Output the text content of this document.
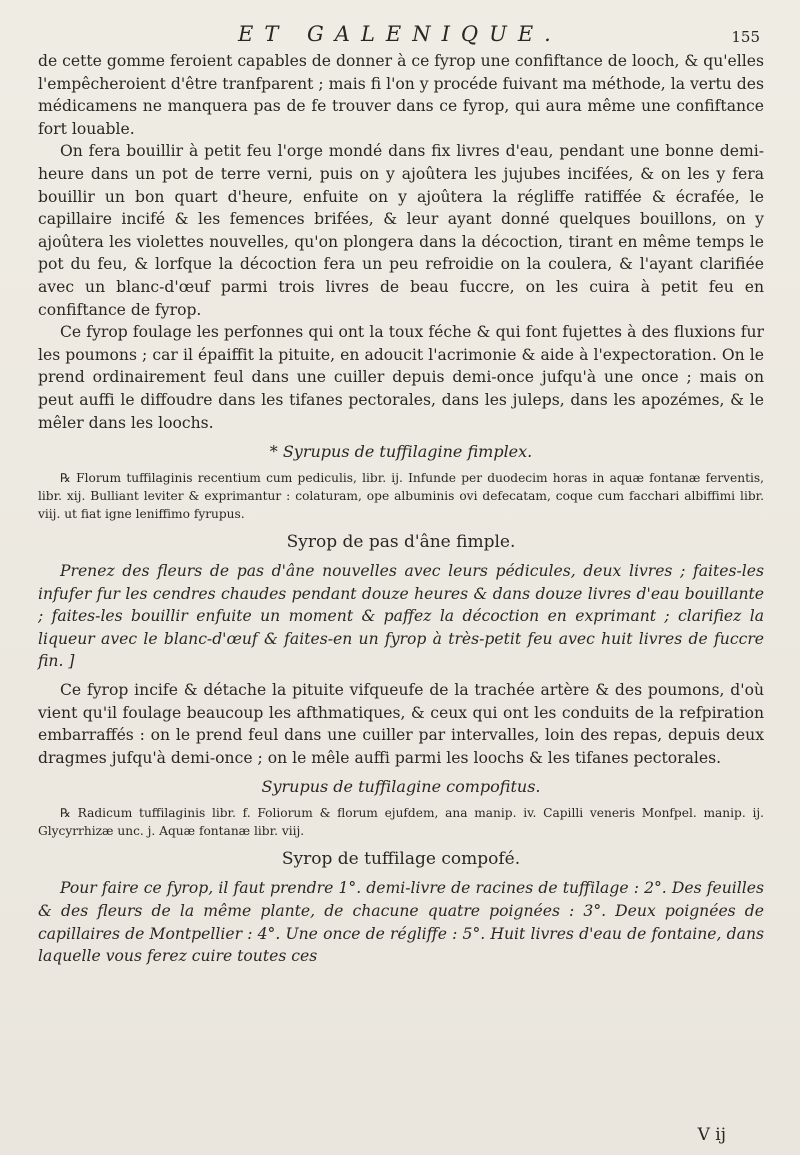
ET GALENIQUE.	155

de cette gomme feroient capables de donner à ce fyrop une confiftance de looch, & qu'elles l'empêcheroient d'être tranfparent ; mais fi l'on y procéde fuivant ma méthode, la vertu des médicamens ne manquera pas de fe trouver dans ce fyrop, qui aura même une confiftance fort louable.

On fera bouillir à petit feu l'orge mondé dans fix livres d'eau, pendant une bonne demi-heure dans un pot de terre verni, puis on y ajoûtera les jujubes incifées, & on les y fera bouillir un bon quart d'heure, enfuite on y ajoûtera la régliffe ratiffée & écrafée, le capillaire incifé & les femences brifées, & leur ayant donné quelques bouillons, on y ajoûtera les violettes nouvelles, qu'on plongera dans la décoction, tirant en même temps le pot du feu, & lorfque la décoction fera un peu refroidie on la coulera, & l'ayant clarifiée avec un blanc-d'œuf parmi trois livres de beau fuccre, on les cuira à petit feu en confiftance de fyrop.

Ce fyrop foulage les perfonnes qui ont la toux féche & qui font fujettes à des fluxions fur les poumons ; car il épaiffit la pituite, en adoucit l'acrimonie & aide à l'expectoration. On le prend ordinairement feul dans une cuiller depuis demi-once jufqu'à une once ; mais on peut auffi le diffoudre dans les tifanes pectorales, dans les juleps, dans les apozémes, & le mêler dans les loochs.

* Syrupus de tuffilagine fimplex.

℞ Florum tuffilaginis recentium cum pediculis, libr. ij. Infunde per duodecim horas in aquæ fontanæ ferventis, libr. xij. Bulliant leviter & exprimantur : colaturam, ope albuminis ovi defecatam, coque cum facchari albiffimi libr. viij. ut fiat igne leniffimo fyrupus.

Syrop de pas d'âne fimple.

Prenez des fleurs de pas d'âne nouvelles avec leurs pédicules, deux livres ; faites-les infufer fur les cendres chaudes pendant douze heures & dans douze livres d'eau bouillante ; faites-les bouillir enfuite un moment & paffez la décoction en exprimant ; clarifiez la liqueur avec le blanc-d'œuf & faites-en un fyrop à très-petit feu avec huit livres de fuccre fin. ]

Ce fyrop incife & détache la pituite vifqueufe de la trachée artère & des poumons, d'où vient qu'il foulage beaucoup les afthmatiques, & ceux qui ont les conduits de la refpiration embarraffés : on le prend feul dans une cuiller par intervalles, loin des repas, depuis deux dragmes jufqu'à demi-once ; on le mêle auffi parmi les loochs & les tifanes pectorales.

Syrupus de tuffilagine compofitus.

℞ Radicum tuffilaginis libr. f. Foliorum & florum ejufdem, ana manip. iv. Capilli veneris Monfpel. manip. ij. Glycyrrhizæ unc. j. Aquæ fontanæ libr. viij.

Syrop de tuffilage compofé.

Pour faire ce fyrop, il faut prendre 1°. demi-livre de racines de tuffilage : 2°. Des feuilles & des fleurs de la même plante, de chacune quatre poignées : 3°. Deux poignées de capillaires de Montpellier : 4°. Une once de régliffe : 5°. Huit livres d'eau de fontaine, dans laquelle vous ferez cuire toutes ces

V ij
